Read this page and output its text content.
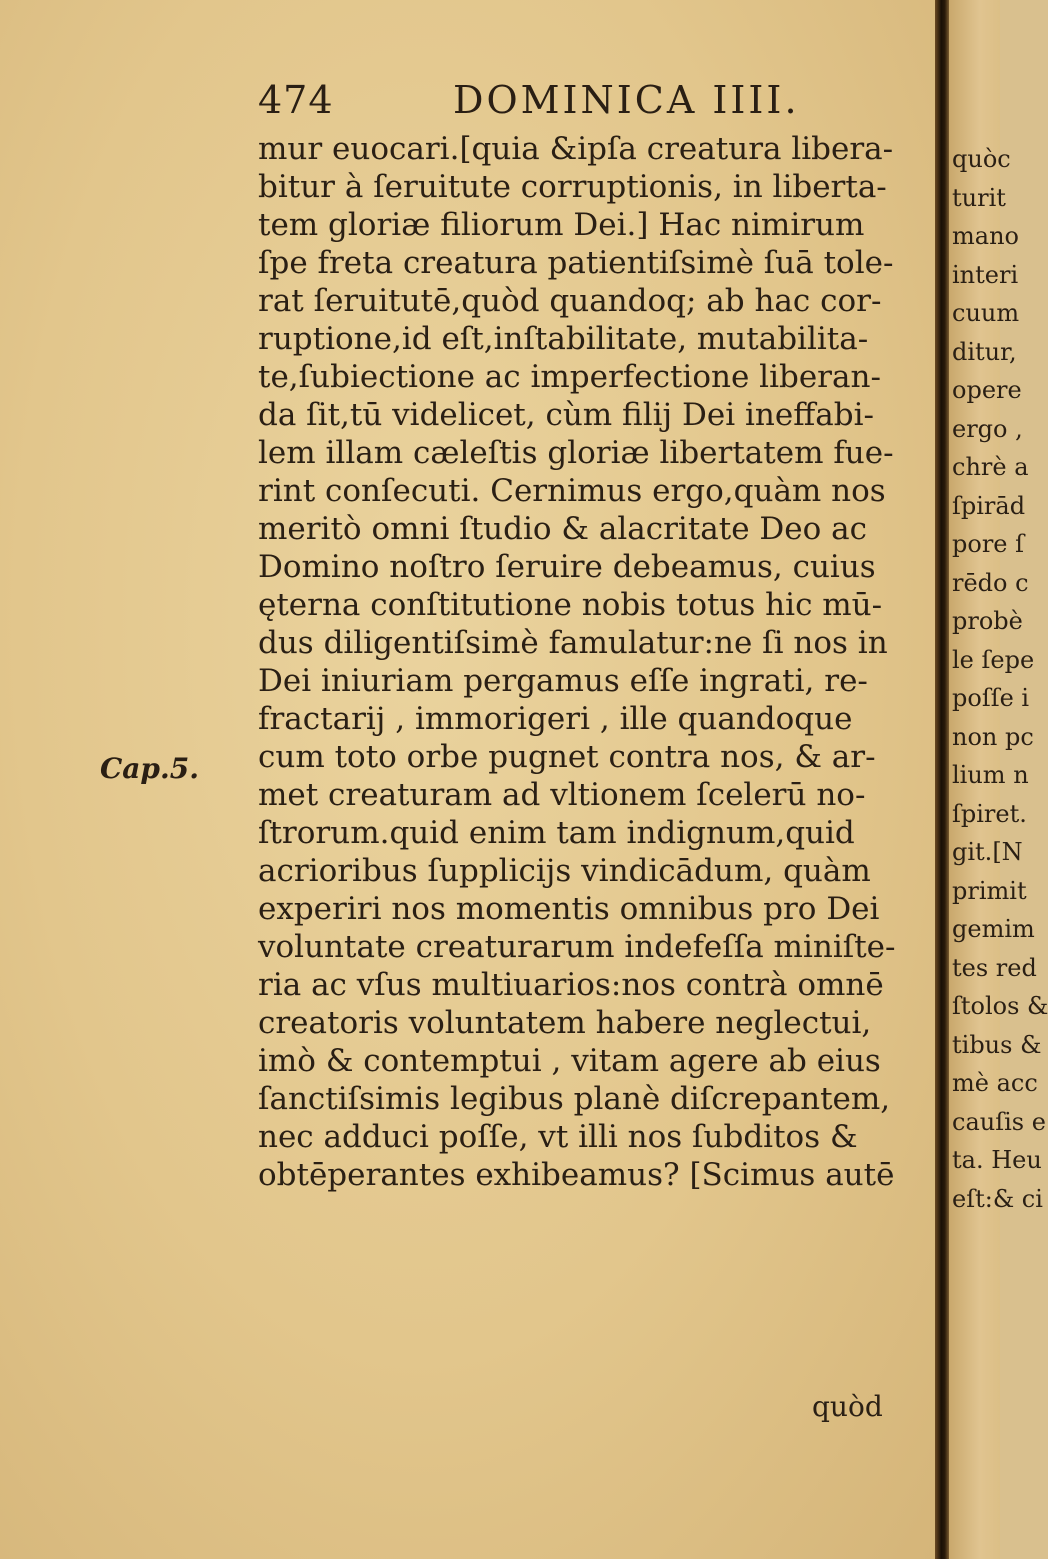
474	DOMINICA IIII.
Cap.5.
mur euocari.[quia &ipſa creatura libera-
bitur à ſeruitute corruptionis, in liberta-
tem gloriæ filiorum Dei.] Hac nimirum
ſpe freta creatura patientiſsimè ſuā tole-
rat ſeruitutē,quòd quandoq; ab hac cor-
ruptione,id eſt,inſtabilitate, mutabilita-
te,ſubiectione ac imperfectione liberan-
da ſit,tū videlicet, cùm filij Dei ineffabi-
lem illam cæleſtis gloriæ libertatem fue-
rint conſecuti. Cernimus ergo,quàm nos
meritò omni ſtudio & alacritate Deo ac
Domino noſtro ſeruire debeamus, cuius
ęterna conſtitutione nobis totus hic mū-
dus diligentiſsimè famulatur:ne ſi nos in
Dei iniuriam pergamus eſſe ingrati, re-
fractarij , immorigeri , ille quandoque
cum toto orbe pugnet contra nos, & ar-
met creaturam ad vltionem ſcelerū no-
ſtrorum.quid enim tam indignum,quid
acrioribus ſupplicijs vindicādum, quàm
experiri nos momentis omnibus pro Dei
voluntate creaturarum indefeſſa miniſte-
ria ac vſus multiuarios:nos contrà omnē
creatoris voluntatem habere neglectui,
imò & contemptui , vitam agere ab eius
ſanctiſsimis legibus planè diſcrepantem,
nec adduci poſſe, vt illi nos ſubditos &
obtēperantes exhibeamus? [Scimus autē
quòd
quòc
turit
mano
interi
cuum
ditur,
opere
ergo ,
chrè a
ſpirād
pore ſ
rēdo c
probè
le ſepe
poſſe i
non pc
lium n
ſpiret.
git.[N
primit
gemim
tes red
ſtolos &
tibus &
mè acc
cauſis e
ta. Heu
eſt:& ci
